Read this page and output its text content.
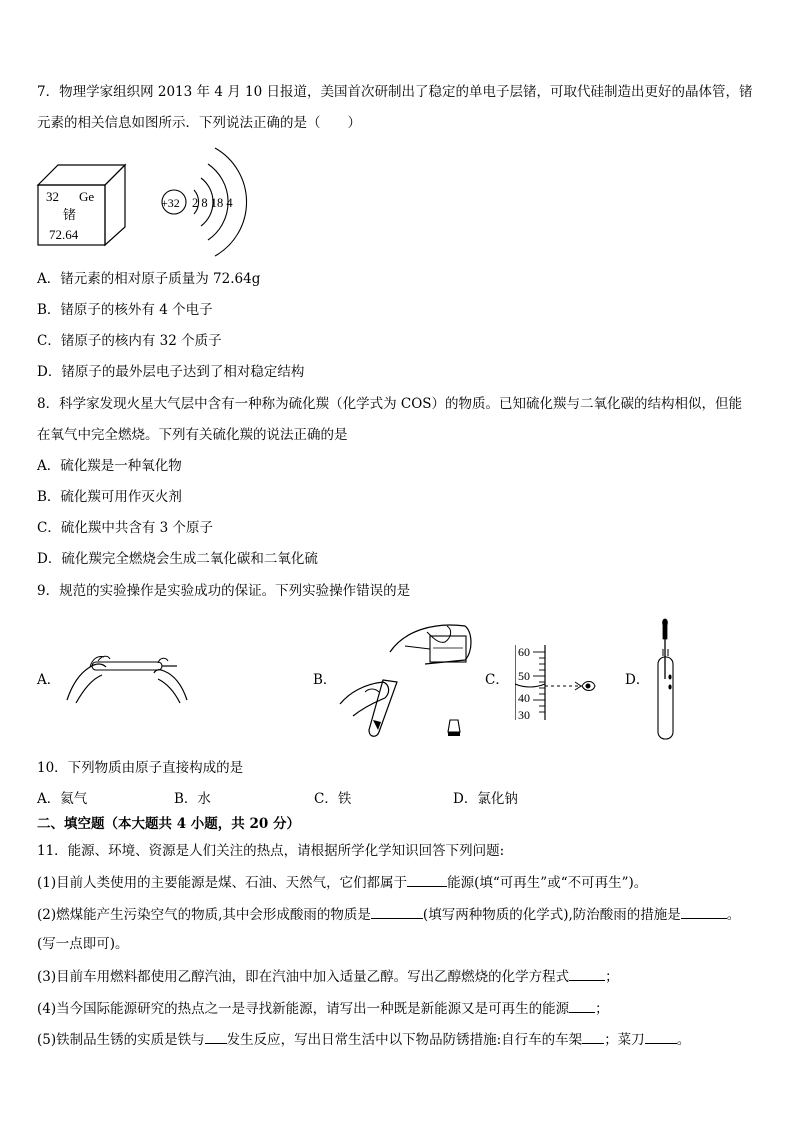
7．物理学家组织网 2013 年 4 月 10 日报道，美国首次研制出了稳定的单电子层锗，可取代硅制造出更好的晶体管，锗
元素的相关信息如图所示．下列说法正确的是（　　）
32 Ge
锗
72.64
+32 2 8 18 4
A．锗元素的相对原子质量为 72.64g
B．锗原子的核外有 4 个电子
C．锗原子的核内有 32 个质子
D．锗原子的最外层电子达到了相对稳定结构
8．科学家发现火星大气层中含有一种称为硫化羰（化学式为 COS）的物质。已知硫化羰与二氧化碳的结构相似，但能
在氧气中完全燃烧。下列有关硫化羰的说法正确的是
A．硫化羰是一种氧化物
B．硫化羰可用作灭火剂
C．硫化羰中共含有 3 个原子
D．硫化羰完全燃烧会生成二氧化碳和二氧化硫
9．规范的实验操作是实验成功的保证。下列实验操作错误的是
A．	B．	C．
60
50
40
30
D．
10．下列物质由原子直接构成的是
A．氦气	B．水	C．铁	D．氯化钠
二、填空题（本大题共 4 小题，共 20 分）
11．能源、环境、资源是人们关注的热点，请根据所学化学知识回答下列问题:
(1)目前人类使用的主要能源是煤、石油、天然气，它们都属于	能源(填“可再生”或“不可再生”)。
(2)燃煤能产生污染空气的物质,其中会形成酸雨的物质是	(填写两种物质的化学式),防治酸雨的措施是	。
(写一点即可)。
(3)目前车用燃料都使用乙醇汽油，即在汽油中加入适量乙醇。写出乙醇燃烧的化学方程式	；
(4)当今国际能源研究的热点之一是寻找新能源，请写出一种既是新能源又是可再生的能源 ；
(5)铁制品生锈的实质是铁与 发生反应，写出日常生活中以下物品防锈措施:自行车的车架 ；菜刀 。
